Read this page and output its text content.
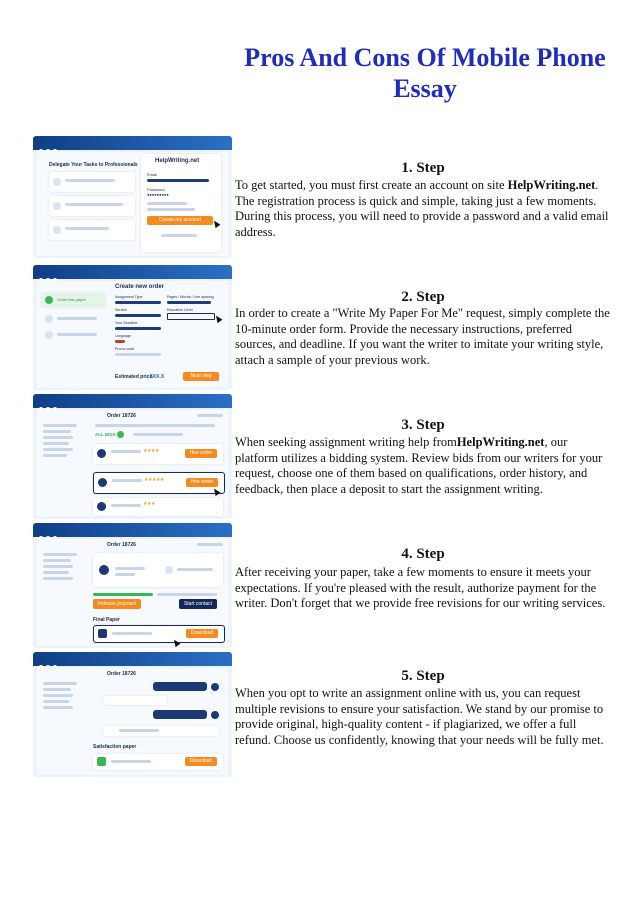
Pros And Cons Of Mobile Phone Essay
Delegate Your Tasks to Professionals
HelpWriting.net
Email
Password
●●●●●●●●●
Create my account
Order this paper
Create new order
Assignment Type	Pages / Words / Line spacing
Service	Education Level
Your Deadline
Language
Promo code
Estimated price
$XX.X	Next step
Order 18726
ALL BIDS
★★★★	Hire writer
★★★★★	Hire writer
★★★
Order 18726
Release payment	Start contact
Final Paper
Download
Order 18726
Satisfaction paper
Download
1. Step

To get started, you must first create an account on site HelpWriting.net. The registration process is quick and simple, taking just a few moments. During this process, you will need to provide a password and a valid email address.

2. Step

In order to create a "Write My Paper For Me" request, simply complete the 10-minute order form. Provide the necessary instructions, preferred sources, and deadline. If you want the writer to imitate your writing style, attach a sample of your previous work.

3. Step

When seeking assignment writing help fromHelpWriting.net, our platform utilizes a bidding system. Review bids from our writers for your request, choose one of them based on qualifications, order history, and feedback, then place a deposit to start the assignment writing.

4. Step

After receiving your paper, take a few moments to ensure it meets your expectations. If you're pleased with the result, authorize payment for the writer. Don't forget that we provide free revisions for our writing services.

5. Step

When you opt to write an assignment online with us, you can request multiple revisions to ensure your satisfaction. We stand by our promise to provide original, high-quality content - if plagiarized, we offer a full refund. Choose us confidently, knowing that your needs will be fully met.
